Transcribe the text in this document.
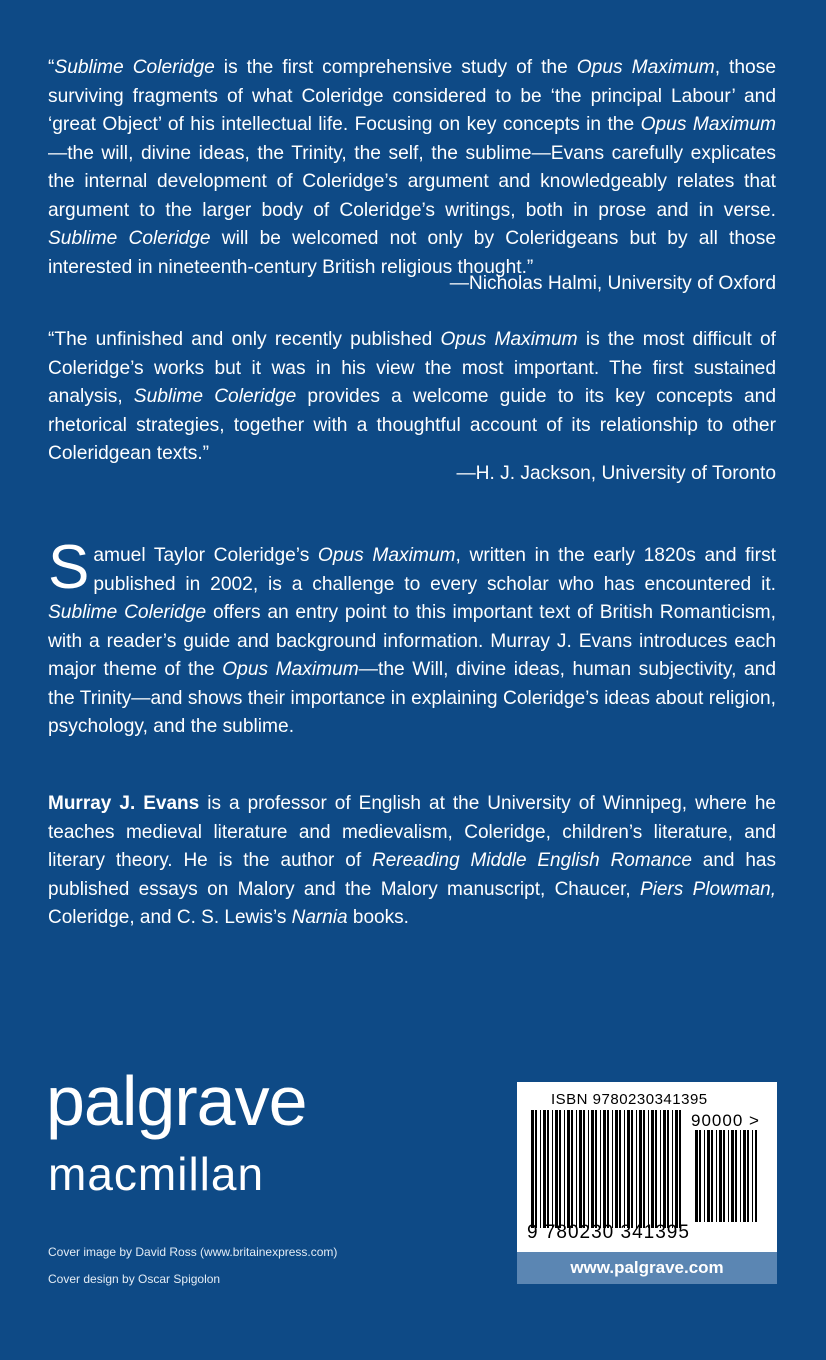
“Sublime Coleridge is the first comprehensive study of the Opus Maximum, those surviving fragments of what Coleridge considered to be ‘the principal Labour’ and ‘great Object’ of his intellectual life. Focusing on key concepts in the Opus Maximum—the will, divine ideas, the Trinity, the self, the sublime—Evans carefully explicates the internal development of Coleridge’s argument and knowledgeably relates that argument to the larger body of Coleridge’s writings, both in prose and in verse. Sublime Coleridge will be welcomed not only by Coleridgeans but by all those interested in nineteenth-century British religious thought.”
—Nicholas Halmi, University of Oxford
“The unfinished and only recently published Opus Maximum is the most difficult of Coleridge’s works but it was in his view the most important. The first sustained analysis, Sublime Coleridge provides a welcome guide to its key concepts and rhetorical strategies, together with a thoughtful account of its relationship to other Coleridgean texts.”
—H. J. Jackson, University of Toronto
S amuel Taylor Coleridge’s Opus Maximum, written in the early 1820s and first published in 2002, is a challenge to every scholar who has encountered it. Sublime Coleridge offers an entry point to this important text of British Romanticism, with a reader’s guide and background information. Murray J. Evans introduces each major theme of the Opus Maximum—the Will, divine ideas, human subjectivity, and the Trinity—and shows their importance in explaining Coleridge’s ideas about religion, psychology, and the sublime.
Murray J. Evans is a professor of English at the University of Winnipeg, where he teaches medieval literature and medievalism, Coleridge, children’s literature, and literary theory. He is the author of Rereading Middle English Romance and has published essays on Malory and the Malory manuscript, Chaucer, Piers Plowman, Coleridge, and C. S. Lewis’s Narnia books.
palgrave
macmillan
Cover image by David Ross (www.britainexpress.com)
Cover design by Oscar Spigolon
ISBN 9780230341395
90000 >
9 780230 341395
www.palgrave.com
